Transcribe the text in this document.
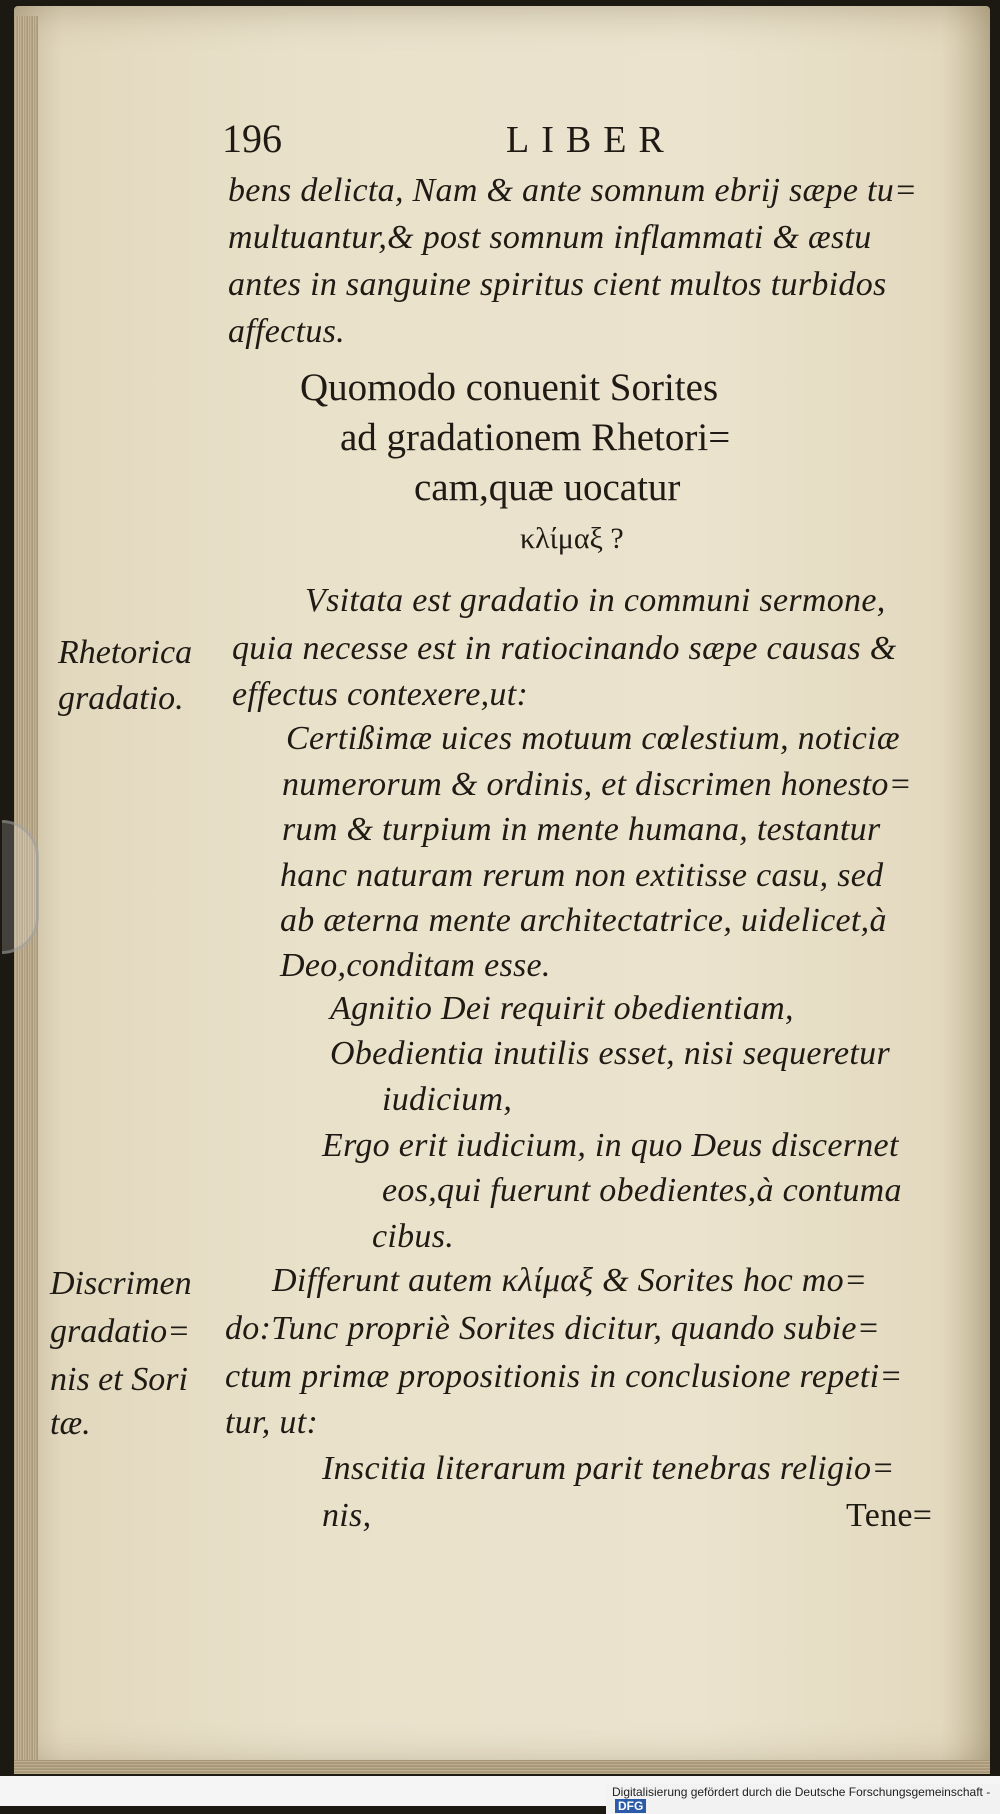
196	LIBER
bens delicta, Nam & ante somnum ebrij sæpe tu=
multuantur,& post somnum inflammati & æstu
antes in sanguine spiritus cient multos turbidos
affectus.
Quomodo conuenit Sorites
ad gradationem Rhetori=
cam,quæ uocatur
κλίμαξ ?
Vsitata est gradatio in communi sermone,
quia necesse est in ratiocinando sæpe causas &
effectus contexere,ut:
Certißimæ uices motuum cœlestium, noticiæ
numerorum & ordinis, et discrimen honesto=
rum & turpium in mente humana, testantur
hanc naturam rerum non extitisse casu, sed
ab æterna mente architectatrice, uidelicet,à
Deo,conditam esse.
Agnitio Dei requirit obedientiam,
Obedientia inutilis esset, nisi sequeretur
iudicium,
Ergo erit iudicium, in quo Deus discernet
eos,qui fuerunt obedientes,à contuma
cibus.
Differunt autem κλίμαξ & Sorites hoc mo=
do:Tunc propriè Sorites dicitur, quando subie=
ctum primæ propositionis in conclusione repeti=
tur, ut:
Inscitia literarum parit tenebras religio=
nis,	Tene=
Rhetorica
gradatio.
Discrimen
gradatio=
nis et Sori
tæ.
Digitalisierung gefördert durch die Deutsche Forschungsgemeinschaft -DFG
